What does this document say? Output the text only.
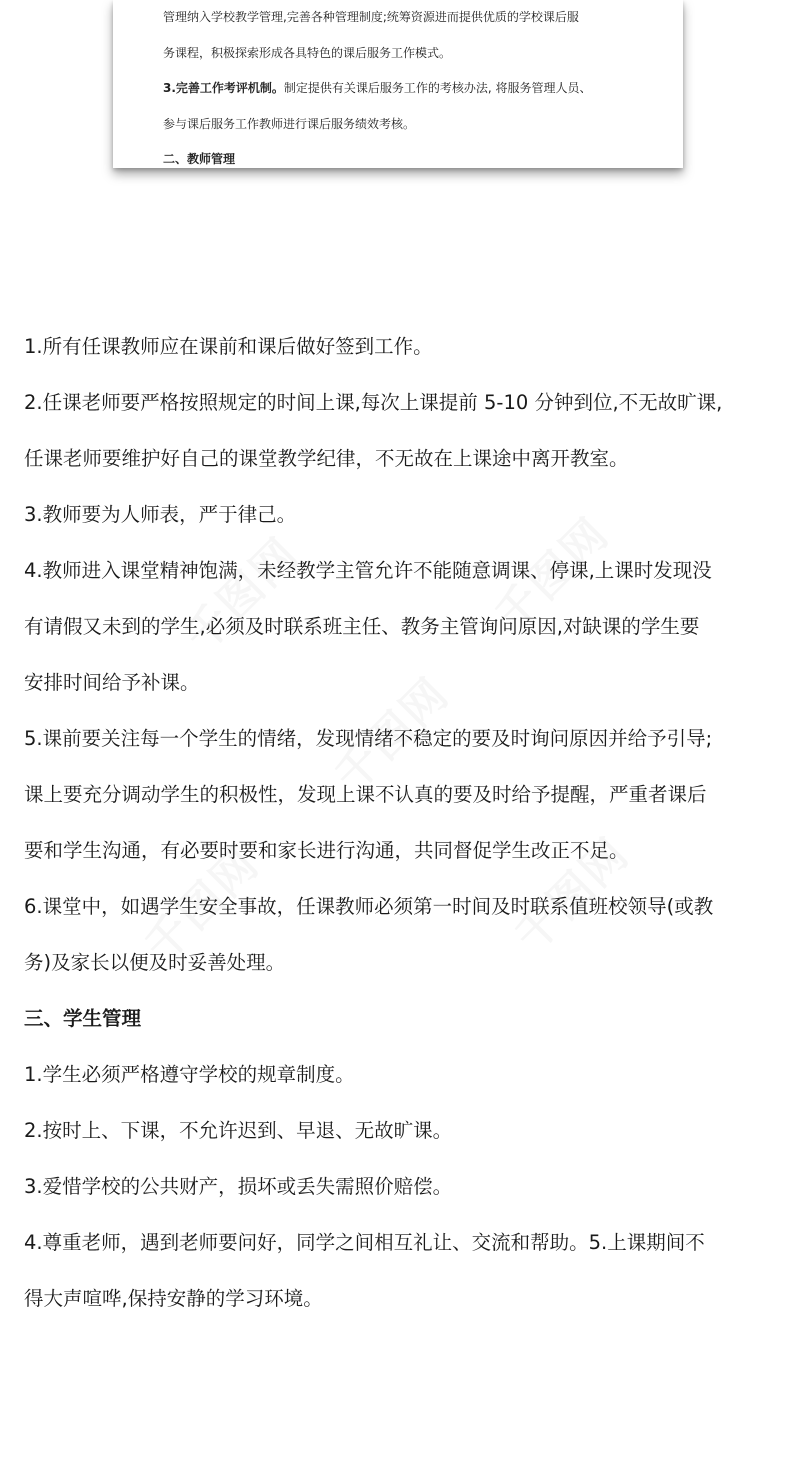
管理纳入学校教学管理,完善各种管理制度;统筹资源进而提供优质的学校课后服

务课程，积极探索形成各具特色的课后服务工作模式。

3.完善工作考评机制。制定提供有关课后服务工作的考核办法, 将服务管理人员、

参与课后服务工作教师进行课后服务绩效考核。

二、教师管理

1.所有任课教师应在课前和课后做好签到工作。
2.任课老师要严格按照规定的时间上课,每次上课提前 5-10 分钟到位,不无故旷课,
任课老师要维护好自己的课堂教学纪律，不无故在上课途中离开教室。
3.教师要为人师表，严于律己。
4.教师进入课堂精神饱满，未经教学主管允许不能随意调课、停课,上课时发现没
有请假又未到的学生,必须及时联系班主任、教务主管询问原因,对缺课的学生要
安排时间给予补课。
5.课前要关注每一个学生的情绪，发现情绪不稳定的要及时询问原因并给予引导;
课上要充分调动学生的积极性，发现上课不认真的要及时给予提醒，严重者课后
要和学生沟通，有必要时要和家长进行沟通，共同督促学生改正不足。
6.课堂中，如遇学生安全事故，任课教师必须第一时间及时联系值班校领导(或教
务)及家长以便及时妥善处理。
三、学生管理
1.学生必须严格遵守学校的规章制度。
2.按时上、下课，不允许迟到、早退、无故旷课。
3.爱惜学校的公共财产，损坏或丢失需照价赔偿。
4.尊重老师，遇到老师要问好，同学之间相互礼让、交流和帮助。5.上课期间不
得大声喧哗,保持安静的学习环境。
